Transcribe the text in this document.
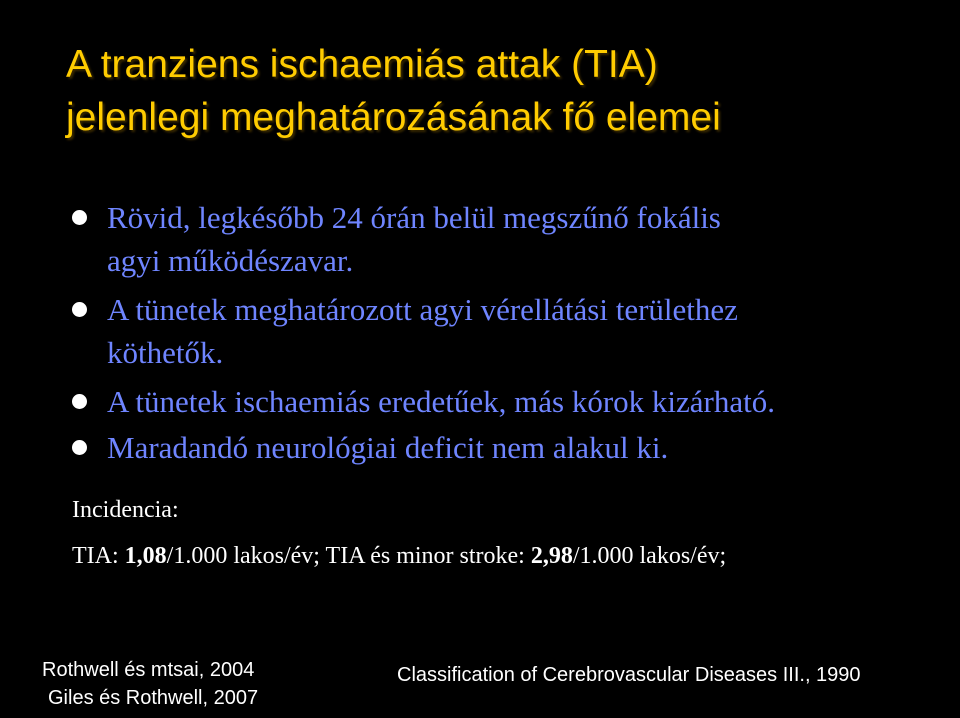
A tranziens ischaemiás attak (TIA)
jelenlegi meghatározásának fő elemei
Rövid, legkésőbb 24 órán belül megszűnő fokális
agyi működészavar.
A tünetek meghatározott agyi vérellátási területhez
köthetők.
A tünetek ischaemiás eredetűek, más kórok kizárható.
Maradandó neurológiai deficit nem alakul ki.
Incidencia:
TIA: 1,08/1.000 lakos/év; TIA és minor stroke: 2,98/1.000 lakos/év;
Rothwell és mtsai, 2004
Giles és Rothwell, 2007
Classification of Cerebrovascular Diseases III., 1990
